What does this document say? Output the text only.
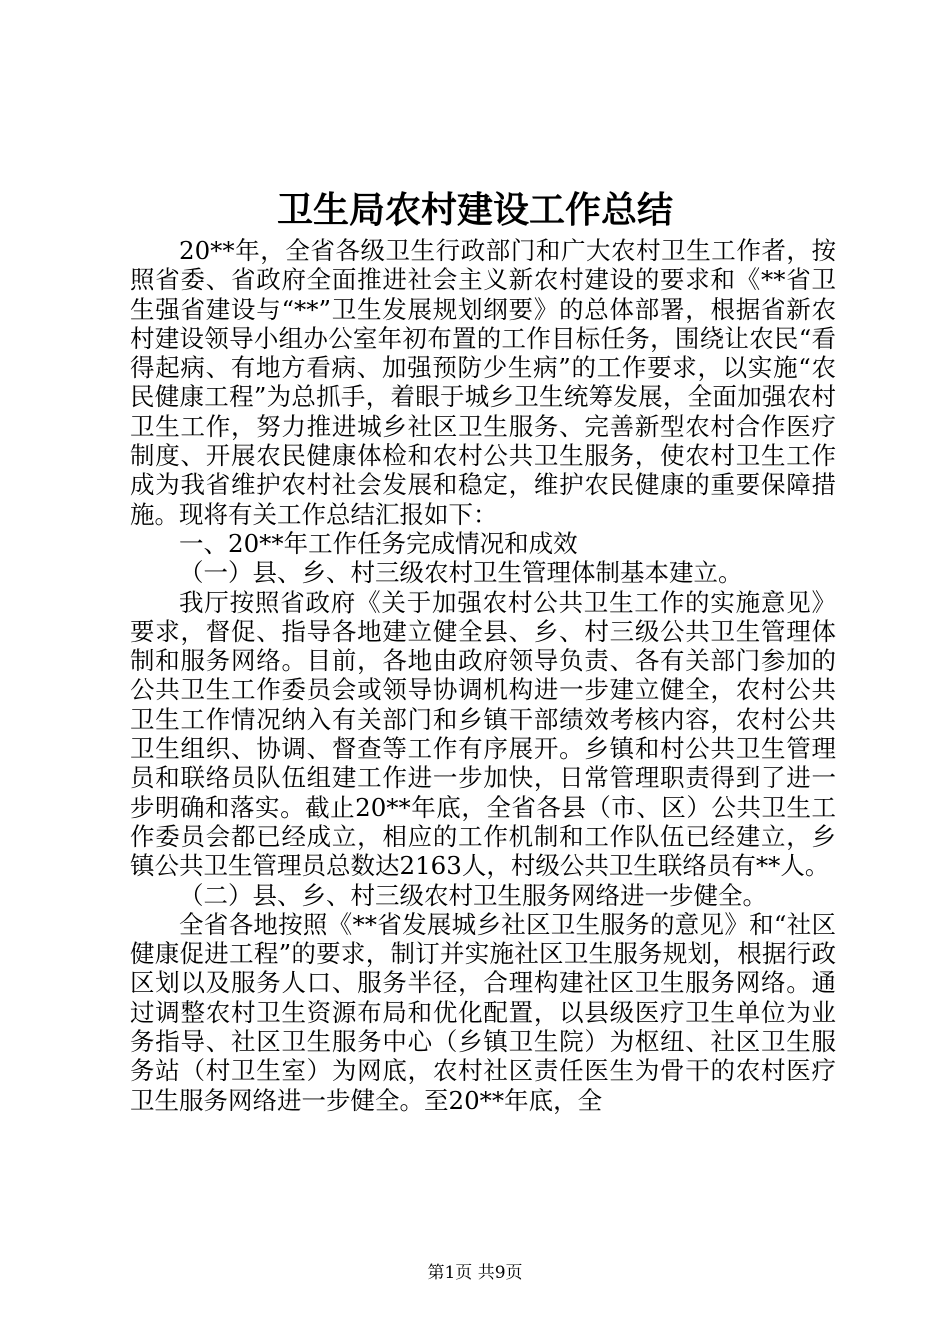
卫生局农村建设工作总结

20**年，全省各级卫生行政部门和广大农村卫生工作者，按照省委、省政府全面推进社会主义新农村建设的要求和《**省卫生强省建设与“**”卫生发展规划纲要》的总体部署，根据省新农村建设领导小组办公室年初布置的工作目标任务，围绕让农民“看得起病、有地方看病、加强预防少生病”的工作要求，以实施“农民健康工程”为总抓手，着眼于城乡卫生统筹发展，全面加强农村卫生工作，努力推进城乡社区卫生服务、完善新型农村合作医疗制度、开展农民健康体检和农村公共卫生服务，使农村卫生工作成为我省维护农村社会发展和稳定，维护农民健康的重要保障措施。现将有关工作总结汇报如下：

一、20**年工作任务完成情况和成效

（一）县、乡、村三级农村卫生管理体制基本建立。

我厅按照省政府《关于加强农村公共卫生工作的实施意见》要求，督促、指导各地建立健全县、乡、村三级公共卫生管理体制和服务网络。目前，各地由政府领导负责、各有关部门参加的公共卫生工作委员会或领导协调机构进一步建立健全，农村公共卫生工作情况纳入有关部门和乡镇干部绩效考核内容，农村公共卫生组织、协调、督查等工作有序展开。乡镇和村公共卫生管理员和联络员队伍组建工作进一步加快，日常管理职责得到了进一步明确和落实。截止20**年底，全省各县（市、区）公共卫生工作委员会都已经成立，相应的工作机制和工作队伍已经建立，乡镇公共卫生管理员总数达2163人，村级公共卫生联络员有**人。

（二）县、乡、村三级农村卫生服务网络进一步健全。

全省各地按照《**省发展城乡社区卫生服务的意见》和“社区健康促进工程”的要求，制订并实施社区卫生服务规划，根据行政区划以及服务人口、服务半径，合理构建社区卫生服务网络。通过调整农村卫生资源布局和优化配置，以县级医疗卫生单位为业务指导、社区卫生服务中心（乡镇卫生院）为枢纽、社区卫生服务站（村卫生室）为网底，农村社区责任医生为骨干的农村医疗卫生服务网络进一步健全。至20**年底，全

第1页 共9页
